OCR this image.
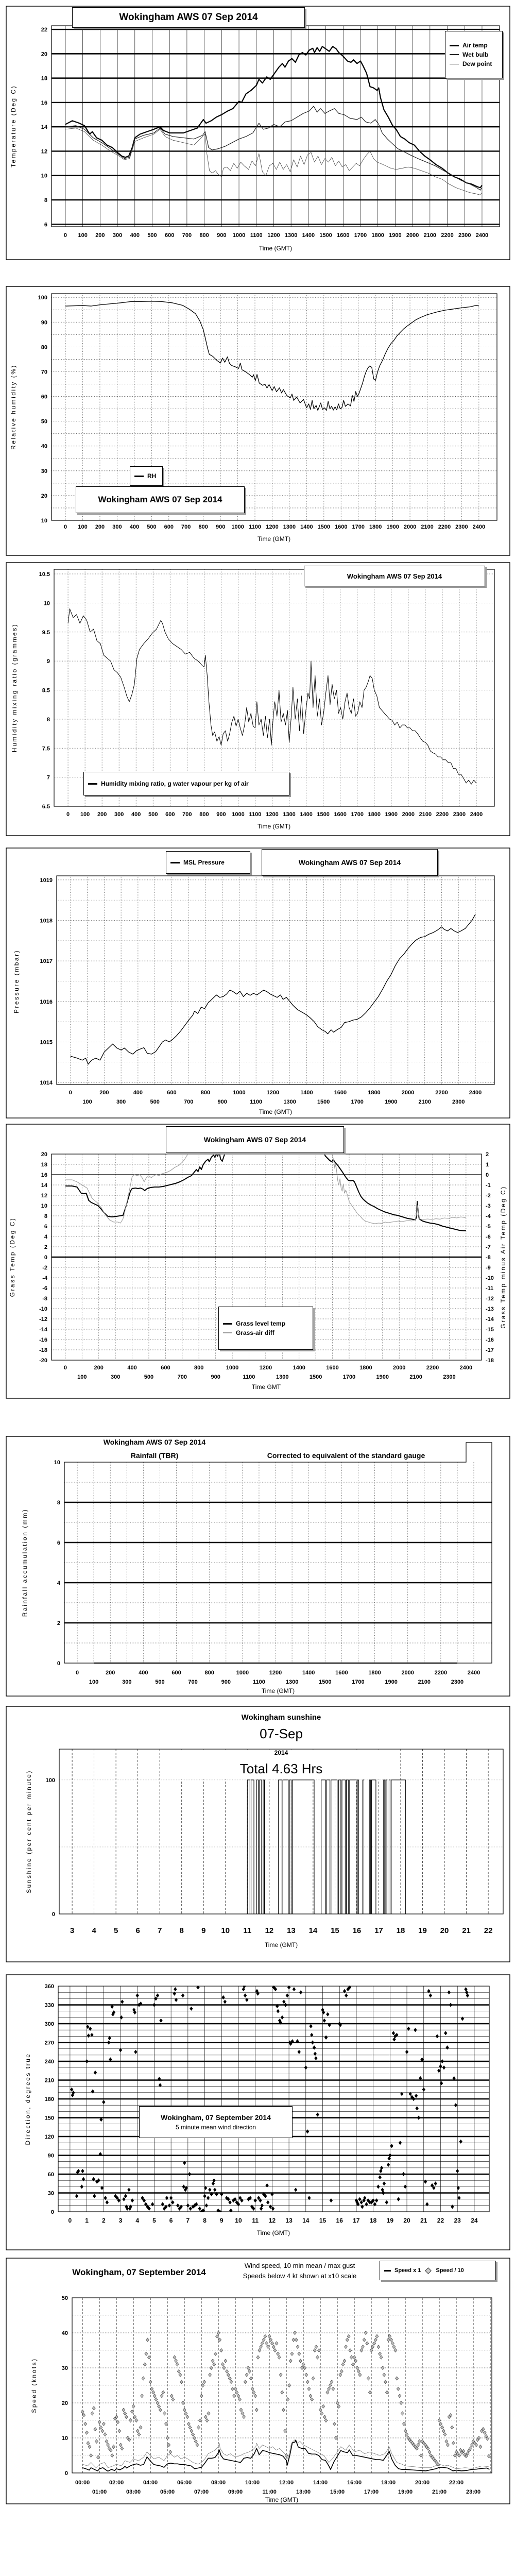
6
8
10
12
14
16
18
20
22
0 100 200 300 400 500 600 700 800 900 1000 1100 1200 1300 1400 1500 1600 1700 1800 1900 2000 2100 2200 2300 2400
Time (GMT)
Temperature (Deg C)
10
20
30
40
50
60
70
80
90
100
0 100 200 300 400 500 600 700 800 900 1000 1100 1200 1300 1400 1500 1600 1700 1800 1900 2000 2100 2200 2300 2400
Time (GMT)
Relative humidity (%)
6.5
7
7.5
8
8.5
9
9.5
10
10.5
0 100 200 300 400 500 600 700 800 900 1000 1100 1200 1300 1400 1500 1600 1700 1800 1900 2000 2100 2200 2300 2400
Time (GMT)
Humidity mixing ratio (grammes)
1014
1015
1016
1017
1018
1019
0	200	400	600	800	1000	1200	1400	1600	1800	2000	2200	2400
100	300	500	700	900	1100	1300	1500	1700	1900	2100	2300
Time (GMT)
Pressure (mbar)
-20
-18
-16
-14
-12
-10
-8
-6
-4
-2
0
2
4
6
8
10
12
14
16
18
20
-18
-17
-16
-15
-14
-13
-12
-11
-10
-9
-8
-7
-6
-5
-4
-3
-2
-1
0
1
2
0	200	400	600	800	1000	1200	1400	1600	1800	2000	2200	2400
100	300	500	700	900	1100	1300	1500	1700	1900	2100	2300
Time GMT
Grass Temp (Deg C)	Grass Temp minus Air Temp (Deg C)
0
2
4
6
8
10
0	200	400	600	800	1000	1200	1400	1600	1800	2000	2200	2400
100	300	500	700	900	1100	1300	1500	1700	1900	2100	2300
Time (GMT)
Rainfall accumulation (mm)
Wokingham AWS 07 Sep 2014
Rainfall (TBR)	Corrected to equivalent of the standard gauge
0
100
3 4 5 6 7 8 9 10 11 12 13 14 15 16 17 18 19 20 21 22
Time (GMT)
Sunshine (per cent per minute)
Wokingham sunshine
07-Sep
2014
Total 4.63 Hrs
0
30
60
90
120
150
180
210
240
270
300
330
360
0 1 2 3 4 5 6 7 8 9 10 11 12 13 14 15 16 17 18 19 20 21 22 23 24
Time (GMT)
Direction, degrees true
0
10
20
30
40
50
00:00	02:00	04:00	06:00	08:00	10:00	12:00	14:00	16:00	18:00	20:00	22:00
01:00	03:00	05:00	07:00	09:00	11:00	13:00	15:00	17:00	19:00	21:00	23:00
Time (GMT)
Speed (knots)
Wokingham, 07 September 2014
Wind speed, 10 min mean / max gust
Speeds below 4 kt shown at x10 scale
Wokingham AWS 07 Sep 2014
Air temp
Wet bulb
Dew point
RH
Wokingham AWS 07 Sep 2014
Wokingham AWS 07 Sep 2014
Humidity mixing ratio, g water vapour per kg of air
MSL Pressure	Wokingham AWS 07 Sep 2014
Wokingham AWS 07 Sep 2014
Grass level temp
Grass-air diff
Wokingham, 07 September 2014
5 minute mean wind direction
Speed x 1	Speed / 10
